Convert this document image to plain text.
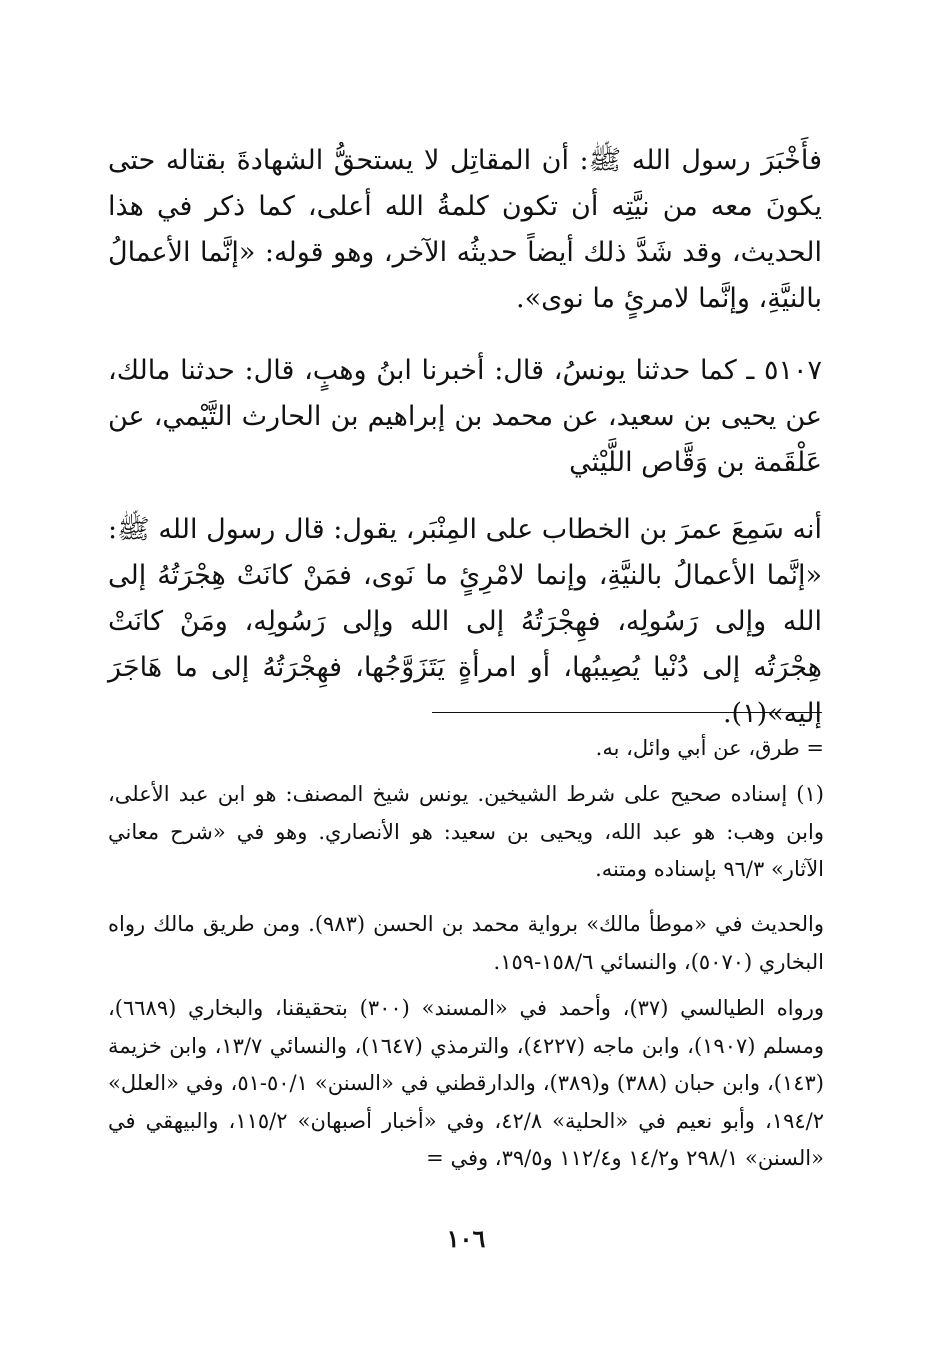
فأَخْبَرَ رسول الله ﷺ: أن المقاتِل لا يستحقُّ الشهادةَ بقتاله حتى يكونَ معه من نيَّتِه أن تكون كلمةُ الله أعلى، كما ذكر في هذا الحديث، وقد شَدَّ ذلك أيضاً حديثُه الآخر، وهو قوله: «إنَّما الأعمالُ بالنيَّةِ، وإنَّما لامرئٍ ما نوى».

٥١٠٧ ـ كما حدثنا يونسُ، قال: أخبرنا ابنُ وهبٍ، قال: حدثنا مالك، عن يحيى بن سعيد، عن محمد بن إبراهيم بن الحارث التَّيْمي، عن عَلْقَمة بن وَقَّاص اللَّيْثي

أنه سَمِعَ عمرَ بن الخطاب على المِنْبَر، يقول: قال رسول الله ﷺ: «إنَّما الأعمالُ بالنيَّةِ، وإنما لامْرِئٍ ما نَوى، فمَنْ كانَتْ هِجْرَتُهُ إلى الله وإلى رَسُولِه، فهِجْرَتُهُ إلى الله وإلى رَسُولِه، ومَنْ كانَتْ هِجْرَتُه إلى دُنْيا يُصِيبُها، أو امرأةٍ يَتَزَوَّجُها، فهِجْرَتُهُ إلى ما هَاجَرَ إليه»(١).

= طرق، عن أبي وائل، به.

(١) إسناده صحيح على شرط الشيخين. يونس شيخ المصنف: هو ابن عبد الأعلى، وابن وهب: هو عبد الله، ويحيى بن سعيد: هو الأنصاري. وهو في «شرح معاني الآثار» ٩٦/٣ بإسناده ومتنه.

والحديث في «موطأ مالك» برواية محمد بن الحسن (٩٨٣). ومن طريق مالك رواه البخاري (٥٠٧٠)، والنسائي ١٥٨/٦-١٥٩.

ورواه الطيالسي (٣٧)، وأحمد في «المسند» (٣٠٠) بتحقيقنا، والبخاري (٦٦٨٩)، ومسلم (١٩٠٧)، وابن ماجه (٤٢٢٧)، والترمذي (١٦٤٧)، والنسائي ١٣/٧، وابن خزيمة (١٤٣)، وابن حبان (٣٨٨) و(٣٨٩)، والدارقطني في «السنن» ٥٠/١-٥١، وفي «العلل» ١٩٤/٢، وأبو نعيم في «الحلية» ٤٢/٨، وفي «أخبار أصبهان» ١١٥/٢، والبيهقي في «السنن» ٢٩٨/١ و١٤/٢ و١١٢/٤ و٣٩/٥، وفي =

١٠٦
